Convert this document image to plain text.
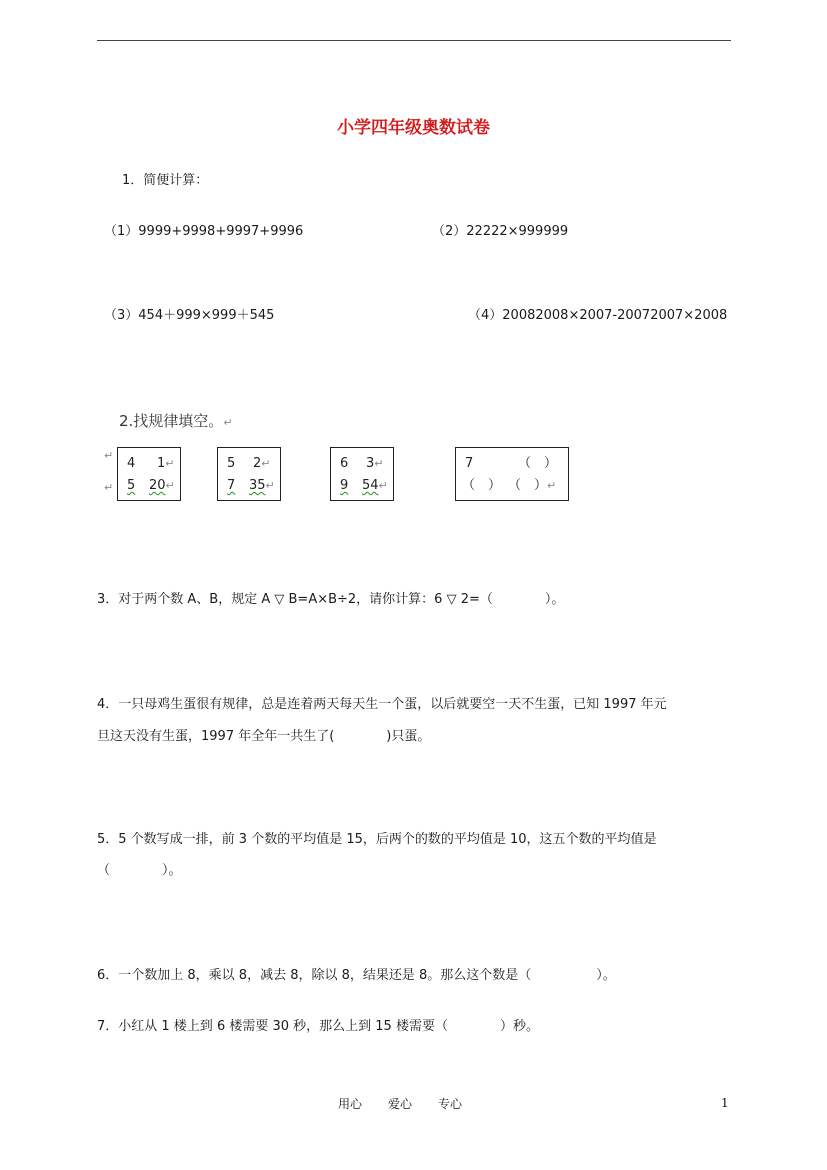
小学四年级奥数试卷
1．简便计算：
（1）9999+9998+9997+9996	（2）22222×999999
（3）454＋999×999＋545	（4）20082008×2007-20072007×2008
2.找规律填空。↵
↵
↵
4 1↵
5 20↵
5 2↵
7 35↵
6 3↵
9 54↵
7	（　）
（　） （　）↵
3．对于两个数 A、B，规定 A ▽ B=A×B÷2，请你计算：6 ▽ 2=（　　　　）。
4．一只母鸡生蛋很有规律，总是连着两天每天生一个蛋，以后就要空一天不生蛋，已知 1997 年元
旦这天没有生蛋，1997 年全年一共生了(　　　　)只蛋。
5．5 个数写成一排，前 3 个数的平均值是 15，后两个的数的平均值是 10，这五个数的平均值是
（　　　　）。
6．一个数加上 8，乘以 8，减去 8，除以 8，结果还是 8。那么这个数是（　　　　　）。
7．小红从 1 楼上到 6 楼需要 30 秒，那么上到 15 楼需要（　　　　）秒。
用心 爱心 专心	1
